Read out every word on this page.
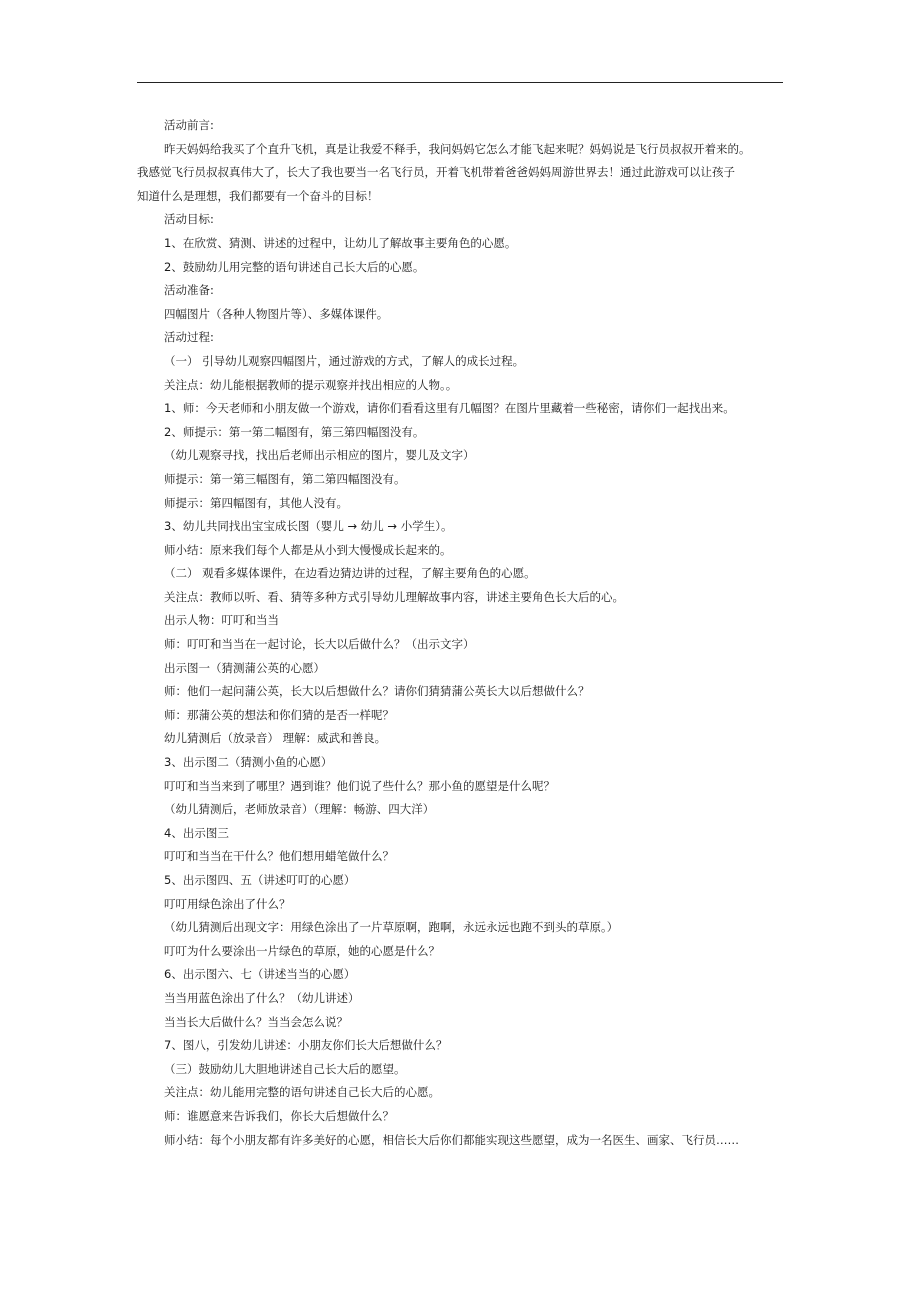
活动前言:
昨天妈妈给我买了个直升飞机，真是让我爱不释手，我问妈妈它怎么才能飞起来呢？妈妈说是飞行员叔叔开着来的。
我感觉飞行员叔叔真伟大了，长大了我也要当一名飞行员，开着飞机带着爸爸妈妈周游世界去！通过此游戏可以让孩子
知道什么是理想，我们都要有一个奋斗的目标！
活动目标:
1、在欣赏、猜测、讲述的过程中，让幼儿了解故事主要角色的心愿。
2、鼓励幼儿用完整的语句讲述自己长大后的心愿。
活动准备:
四幅图片（各种人物图片等）、多媒体课件。
活动过程:
（一） 引导幼儿观察四幅图片，通过游戏的方式，了解人的成长过程。
关注点：幼儿能根据教师的提示观察并找出相应的人物。。
1、师：今天老师和小朋友做一个游戏，请你们看看这里有几幅图？在图片里藏着一些秘密，请你们一起找出来。
2、师提示：第一第二幅图有，第三第四幅图没有。
（幼儿观察寻找，找出后老师出示相应的图片，婴儿及文字）
师提示：第一第三幅图有，第二第四幅图没有。
师提示：第四幅图有，其他人没有。
3、幼儿共同找出宝宝成长图（婴儿 → 幼儿 → 小学生）。
师小结：原来我们每个人都是从小到大慢慢成长起来的。
（二） 观看多媒体课件，在边看边猜边讲的过程，了解主要角色的心愿。
关注点：教师以听、看、猜等多种方式引导幼儿理解故事内容，讲述主要角色长大后的心。
出示人物：叮叮和当当
师：叮叮和当当在一起讨论，长大以后做什么？（出示文字）
出示图一（猜测蒲公英的心愿）
师：他们一起问蒲公英，长大以后想做什么？请你们猜猜蒲公英长大以后想做什么？
师：那蒲公英的想法和你们猜的是否一样呢？
幼儿猜测后（放录音） 理解：威武和善良。
3、出示图二（猜测小鱼的心愿）
叮叮和当当来到了哪里？遇到谁？他们说了些什么？那小鱼的愿望是什么呢？
（幼儿猜测后，老师放录音）（理解：畅游、四大洋）
4、出示图三
叮叮和当当在干什么？他们想用蜡笔做什么？
5、出示图四、五（讲述叮叮的心愿）
叮叮用绿色涂出了什么？
（幼儿猜测后出现文字：用绿色涂出了一片草原啊，跑啊，永远永远也跑不到头的草原。）
叮叮为什么要涂出一片绿色的草原，她的心愿是什么？
6、出示图六、七（讲述当当的心愿）
当当用蓝色涂出了什么？（幼儿讲述）
当当长大后做什么？当当会怎么说？
7、图八，引发幼儿讲述：小朋友你们长大后想做什么？
（三）鼓励幼儿大胆地讲述自己长大后的愿望。
关注点：幼儿能用完整的语句讲述自己长大后的心愿。
师：谁愿意来告诉我们，你长大后想做什么？
师小结：每个小朋友都有许多美好的心愿，相信长大后你们都能实现这些愿望，成为一名医生、画家、飞行员……
